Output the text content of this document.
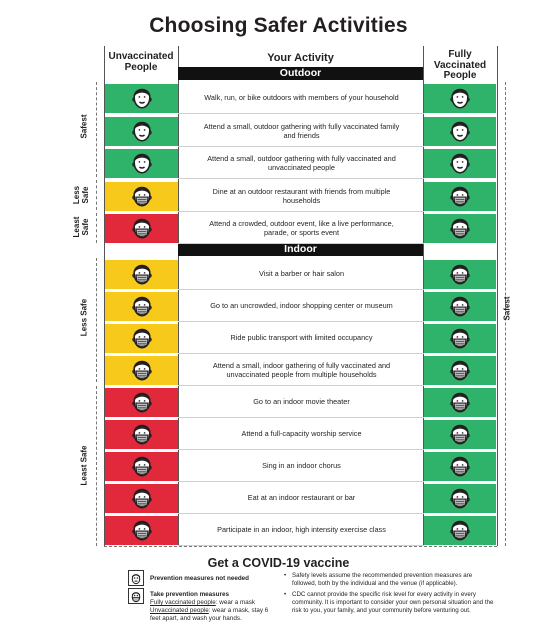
Choosing Safer Activities
Unvaccinated People
Your Activity	Fully Vaccinated People
Outdoor
Indoor
Walk, run, or bike outdoors with members of your household
Attend a small, outdoor gathering with fully vaccinated family and friends
Attend a small, outdoor gathering with fully vaccinated and unvaccinated people
Dine at an outdoor restaurant with friends from multiple households
Attend a crowded, outdoor event, like a live performance, parade, or sports event
Visit a barber or hair salon
Go to an uncrowded, indoor shopping center or museum
Ride public transport with limited occupancy
Attend a small, indoor gathering of fully vaccinated and unvaccinated people from multiple households
Go to an indoor movie theater
Attend a full-capacity worship service
Sing in an indoor chorus
Eat at an indoor restaurant or bar
Participate in an indoor, high intensity exercise class
Safest
Less Safe
Least Safe
Less Safe
Least Safe
Safest
Get a COVID-19 vaccine
Prevention measures not needed
Take prevention measures
Fully vaccinated people: wear a mask
Unvaccinated people: wear a mask, stay 6 feet apart, and wash your hands.
• Safety levels assume the recommended prevention measures are followed, both by the individual and the venue (if applicable).
• CDC cannot provide the specific risk level for every activity in every community. It is important to consider your own personal situation and the risk to you, your family, and your community before venturing out.
